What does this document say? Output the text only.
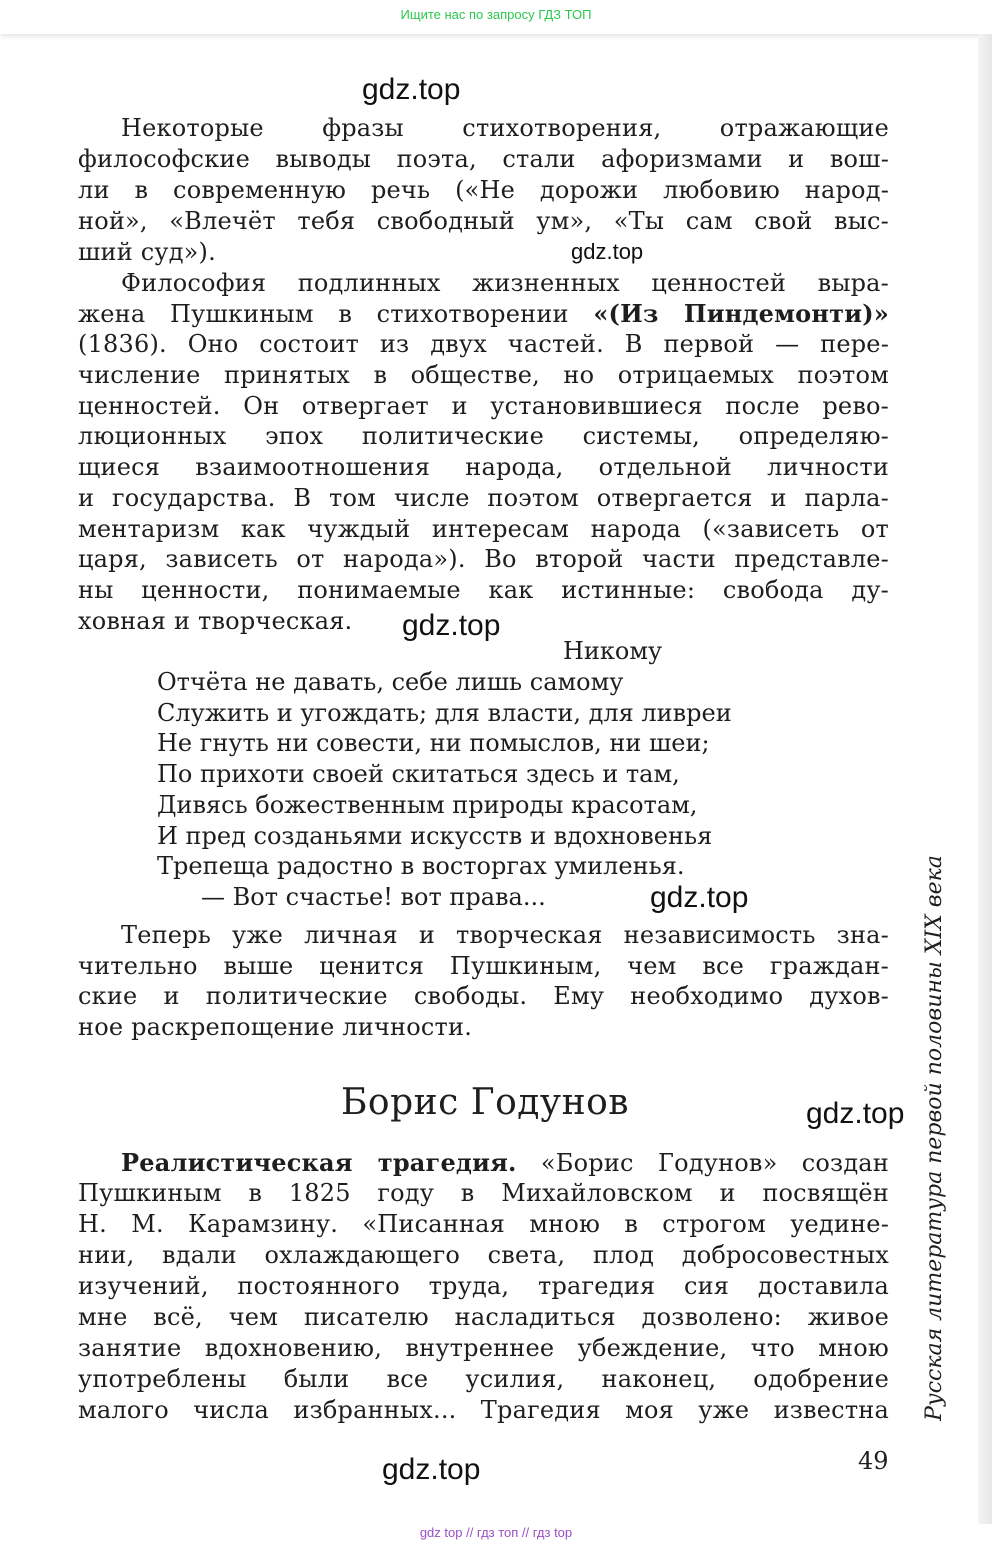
Ищите нас по запросу ГДЗ ТОП
gdz.top
gdz.top
gdz.top
gdz.top
gdz.top
gdz.top
Некоторые фразы стихотворения, отражающие
философские выводы поэта, стали афоризмами и вош-
ли в современную речь («Не дорожи любовию народ-
ной», «Влечёт тебя свободный ум», «Ты сам свой выс-
ший суд»).
Философия подлинных жизненных ценностей выра-
жена Пушкиным в стихотворении «(Из Пиндемонти)»
(1836). Оно состоит из двух частей. В первой — пере-
числение принятых в обществе, но отрицаемых поэтом
ценностей. Он отвергает и установившиеся после рево-
люционных эпох политические системы, определяю-
щиеся взаимоотношения народа, отдельной личности
и государства. В том числе поэтом отвергается и парла-
ментаризм как чуждый интересам народа («зависеть от
царя, зависеть от народа»). Во второй части представле-
ны ценности, понимаемые как истинные: свобода ду-
ховная и творческая.
Никому
Отчёта не давать, себе лишь самому
Служить и угождать; для власти, для ливреи
Не гнуть ни совести, ни помыслов, ни шеи;
По прихоти своей скитаться здесь и там,
Дивясь божественным природы красотам,
И пред созданьями искусств и вдохновенья
Трепеща радостно в восторгах умиленья.
— Вот счастье! вот права...
Теперь уже личная и творческая независимость зна-
чительно выше ценится Пушкиным, чем все граждан-
ские и политические свободы. Ему необходимо духов-
ное раскрепощение личности.
Борис Годунов
Реалистическая трагедия. «Борис Годунов» создан
Пушкиным в 1825 году в Михайловском и посвящён
Н. М. Карамзину. «Писанная мною в строгом уедине-
нии, вдали охлаждающего света, плод добросовестных
изучений, постоянного труда, трагедия сия доставила
мне всё, чем писателю насладиться дозволено: живое
занятие вдохновению, внутреннее убеждение, что мною
употреблены были все усилия, наконец, одобрение
малого числа избранных... Трагедия моя уже известна Русская литература первой половины XIX века
49
gdz top // гдз топ // гдз top
